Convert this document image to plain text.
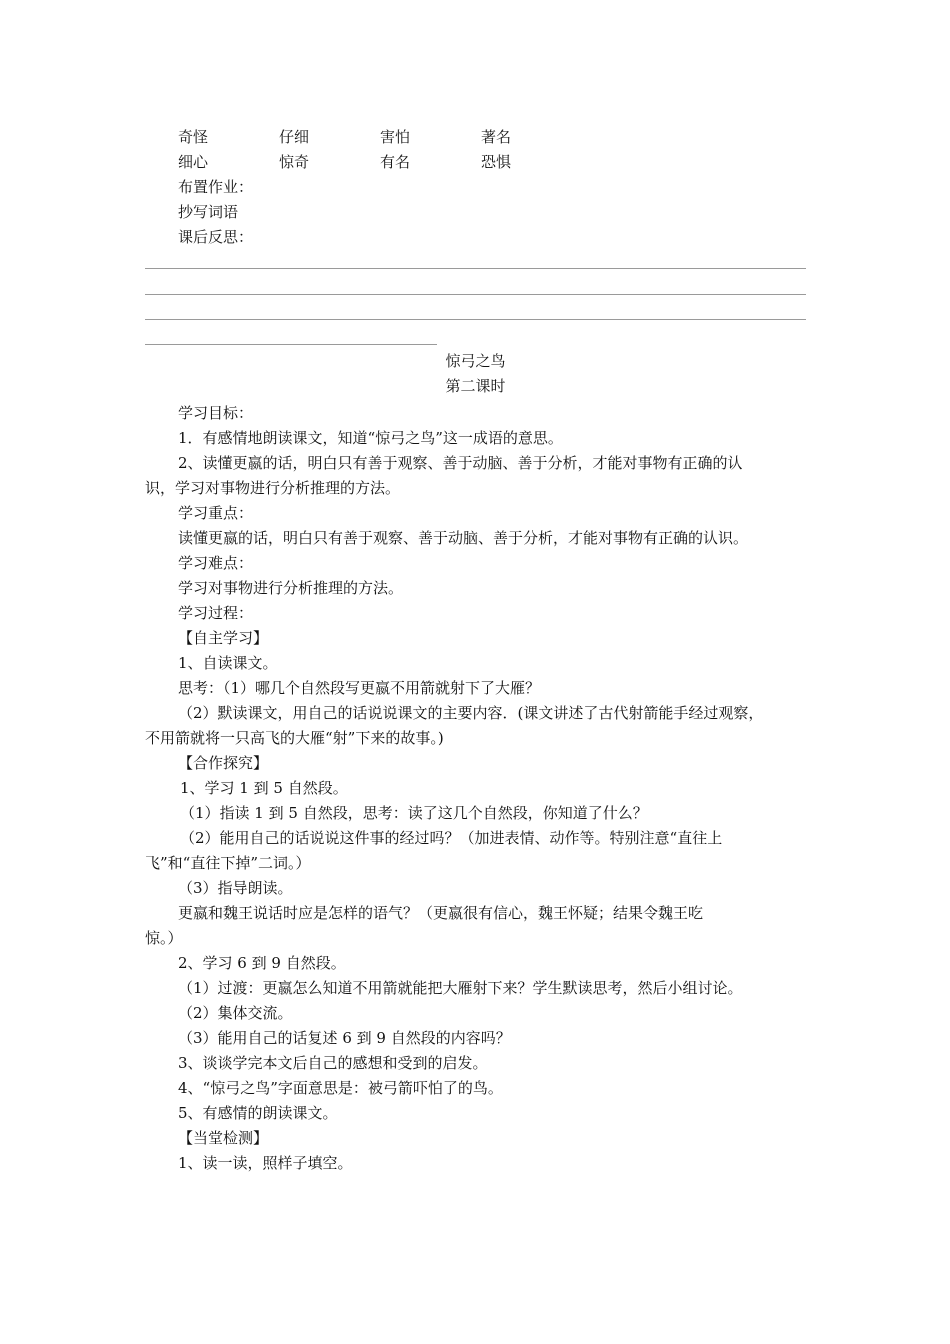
奇怪	仔细	害怕	著名
细心	惊奇	有名	恐惧
布置作业：
抄写词语
课后反思：
惊弓之鸟
第二课时
学习目标：
1．有感情地朗读课文，知道“惊弓之鸟”这一成语的意思。
2、读懂更嬴的话，明白只有善于观察、善于动脑、善于分析，才能对事物有正确的认
识，学习对事物进行分析推理的方法。
学习重点：
读懂更嬴的话，明白只有善于观察、善于动脑、善于分析，才能对事物有正确的认识。
学习难点：
学习对事物进行分析推理的方法。
学习过程：
【自主学习】
1、自读课文。
思考：（1）哪几个自然段写更嬴不用箭就射下了大雁？
（2）默读课文，用自己的话说说课文的主要内容．(课文讲述了古代射箭能手经过观察，
不用箭就将一只高飞的大雁“射”下来的故事。)
【合作探究】
1、学习 1 到 5 自然段。
（1）指读 1 到 5 自然段，思考：读了这几个自然段，你知道了什么？
（2）能用自己的话说说这件事的经过吗？（加进表情、动作等。特别注意“直往上
飞”和“直往下掉”二词。）
（3）指导朗读。
更嬴和魏王说话时应是怎样的语气？（更嬴很有信心，魏王怀疑；结果令魏王吃
惊。）
2、学习 6 到 9 自然段。
（1）过渡：更嬴怎么知道不用箭就能把大雁射下来？学生默读思考，然后小组讨论。
（2）集体交流。
（3）能用自己的话复述 6 到 9 自然段的内容吗？
3、谈谈学完本文后自己的感想和受到的启发。
4、“惊弓之鸟”字面意思是：被弓箭吓怕了的鸟。
5、有感情的朗读课文。
【当堂检测】
1、读一读，照样子填空。
